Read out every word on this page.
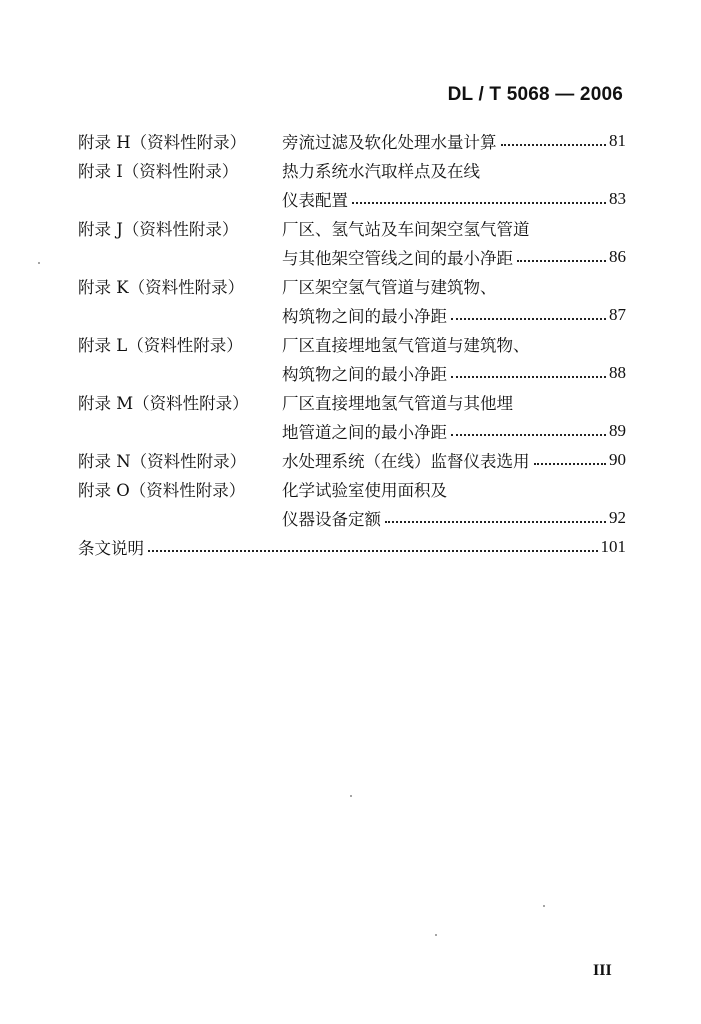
DL / T 5068 — 2006
附录 H（资料性附录）	旁流过滤及软化处理水量计算	81
附录 I（资料性附录）	热力系统水汽取样点及在线
仪表配置	83
附录 J（资料性附录）	厂区、氢气站及车间架空氢气管道
与其他架空管线之间的最小净距	86
附录 K（资料性附录）	厂区架空氢气管道与建筑物、
构筑物之间的最小净距	87
附录 L（资料性附录）	厂区直接埋地氢气管道与建筑物、
构筑物之间的最小净距	88
附录 M（资料性附录）	厂区直接埋地氢气管道与其他埋
地管道之间的最小净距	89
附录 N（资料性附录）	水处理系统（在线）监督仪表选用	90
附录 O（资料性附录）	化学试验室使用面积及
仪器设备定额	92
条文说明	101
III
